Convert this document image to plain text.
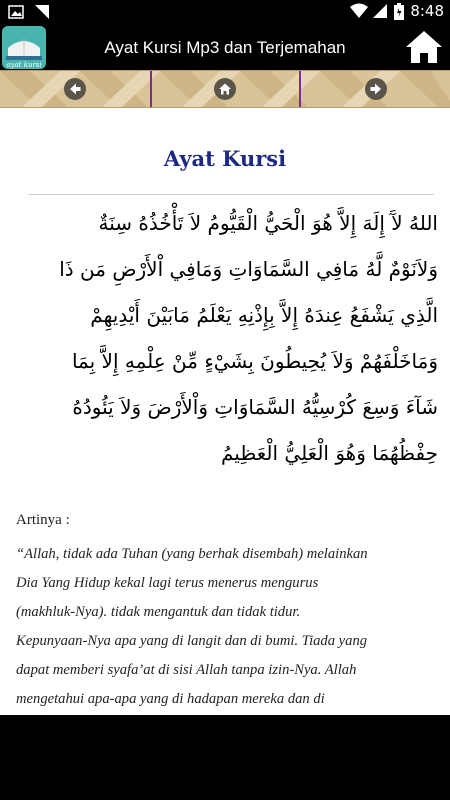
8:48
ayat kursi
Ayat Kursi Mp3 dan Terjemahan
Ayat Kursi
اللهُ لآَ إِلَهَ إِلاَّ هُوَ الْحَيُّ الْقَيُّومُ لاَ تَأْخُذُهُ سِنَةٌ
وَلاَنَوْمٌ لَّهُ مَافِي السَّمَاوَاتِ وَمَافِي اْلأَرْضِ مَن ذَا
الَّذِي يَشْفَعُ عِندَهُ إِلاَّ بِإِذْنِهِ يَعْلَمُ مَابَيْنَ أَيْدِيهِمْ
وَمَاخَلْفَهُمْ وَلاَ يُحِيطُونَ بِشَيْءٍ مِّنْ عِلْمِهِ إِلاَّ بِمَا
شَآءَ وَسِعَ كُرْسِيُّهُ السَّمَاوَاتِ وَاْلأَرْضَ وَلاَ يَئُودُهُ
حِفْظُهُمَا وَهُوَ الْعَلِيُّ الْعَظِيمُ
Artinya :
“Allah, tidak ada Tuhan (yang berhak disembah) melainkan
Dia Yang Hidup kekal lagi terus menerus mengurus
(makhluk-Nya). tidak mengantuk dan tidak tidur.
Kepunyaan-Nya apa yang di langit dan di bumi. Tiada yang
dapat memberi syafa’at di sisi Allah tanpa izin-Nya. Allah
mengetahui apa-apa yang di hadapan mereka dan di
